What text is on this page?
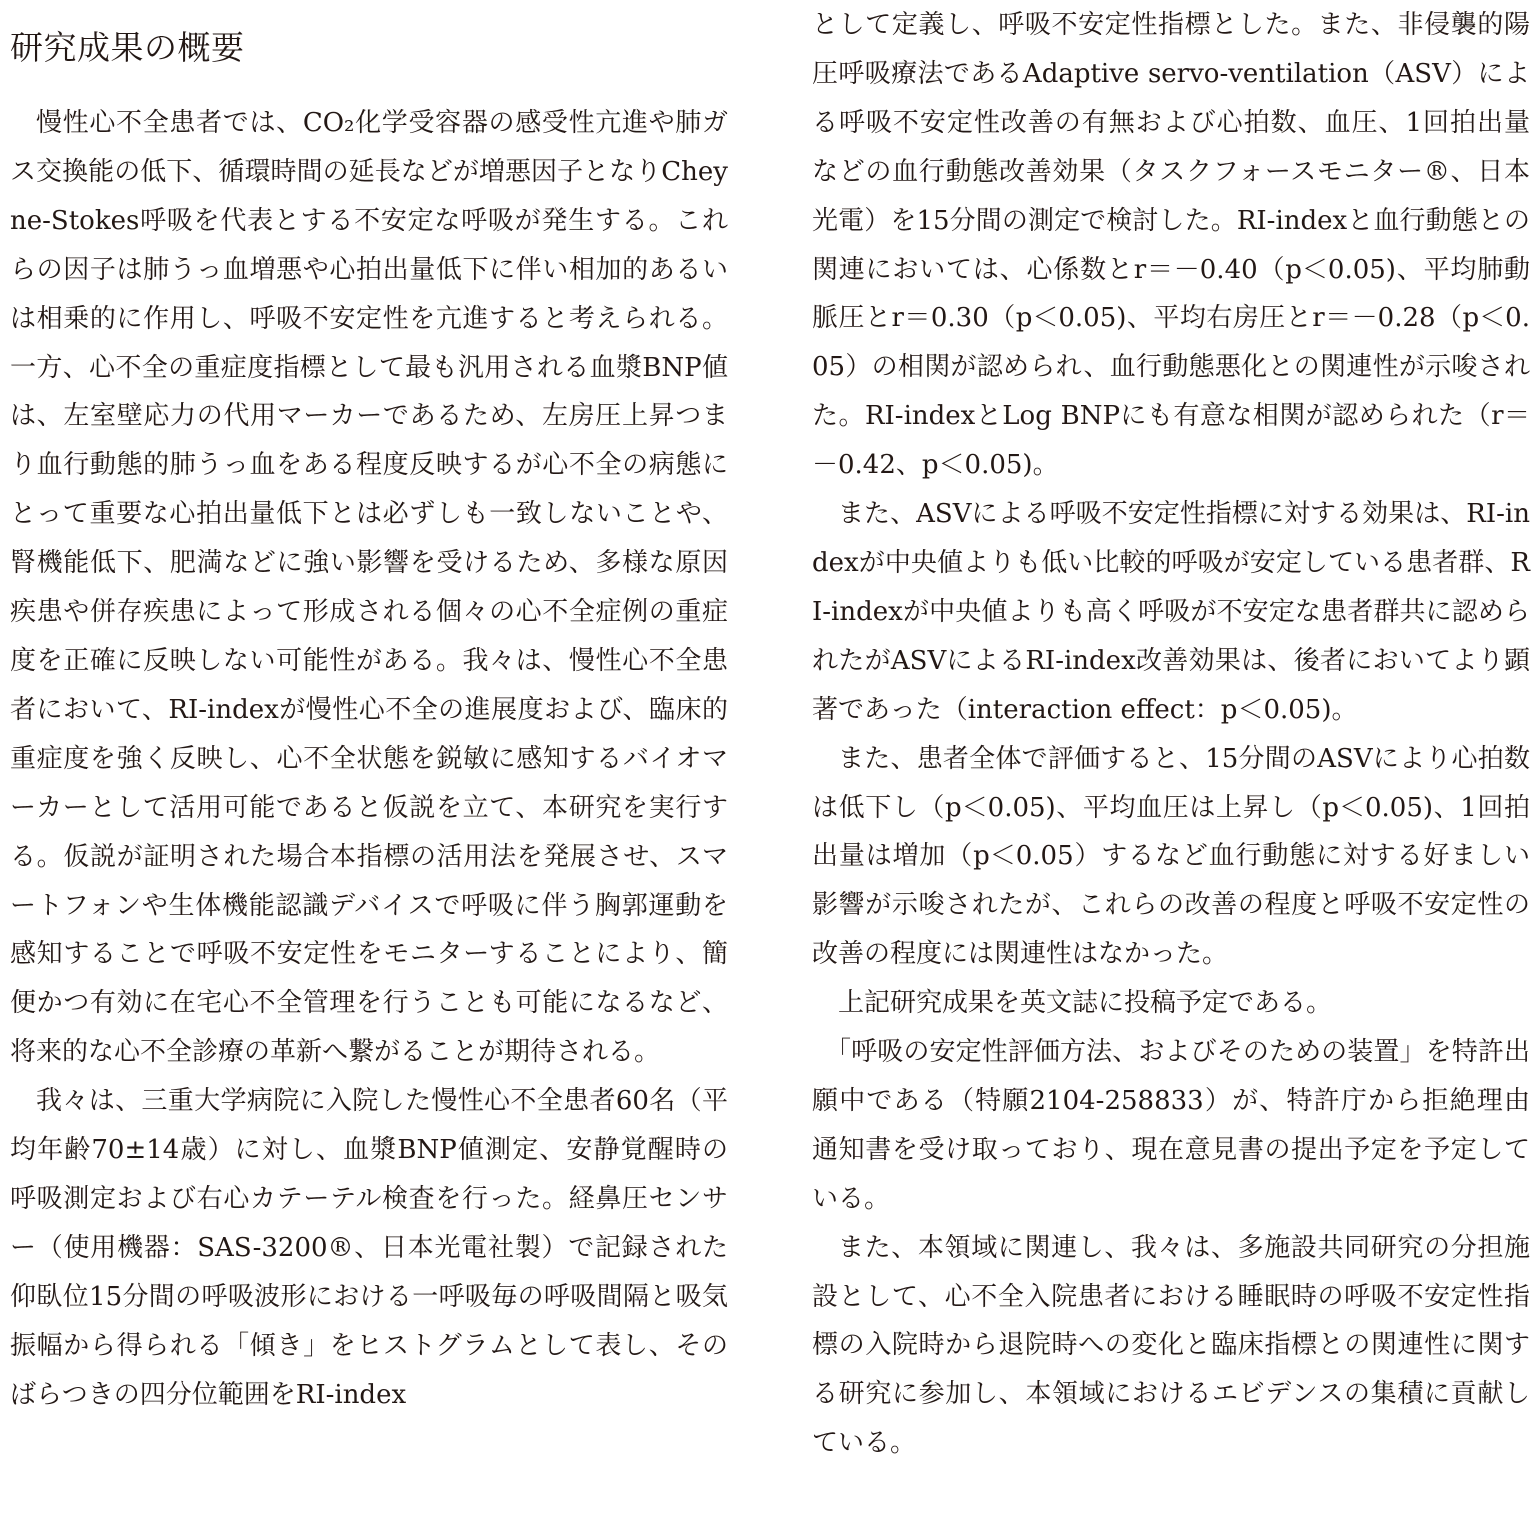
研究成果の概要

慢性心不全患者では、CO₂化学受容器の感受性亢進や肺ガス交換能の低下、循環時間の延長などが増悪因子となりCheyne-Stokes呼吸を代表とする不安定な呼吸が発生する。これらの因子は肺うっ血増悪や心拍出量低下に伴い相加的あるいは相乗的に作用し、呼吸不安定性を亢進すると考えられる。一方、心不全の重症度指標として最も汎用される血漿BNP値は、左室壁応力の代用マーカーであるため、左房圧上昇つまり血行動態的肺うっ血をある程度反映するが心不全の病態にとって重要な心拍出量低下とは必ずしも一致しないことや、腎機能低下、肥満などに強い影響を受けるため、多様な原因疾患や併存疾患によって形成される個々の心不全症例の重症度を正確に反映しない可能性がある。我々は、慢性心不全患者において、RI-indexが慢性心不全の進展度および、臨床的重症度を強く反映し、心不全状態を鋭敏に感知するバイオマーカーとして活用可能であると仮説を立て、本研究を実行する。仮説が証明された場合本指標の活用法を発展させ、スマートフォンや生体機能認識デバイスで呼吸に伴う胸郭運動を感知することで呼吸不安定性をモニターすることにより、簡便かつ有効に在宅心不全管理を行うことも可能になるなど、将来的な心不全診療の革新へ繋がることが期待される。

我々は、三重大学病院に入院した慢性心不全患者60名（平均年齢70±14歳）に対し、血漿BNP値測定、安静覚醒時の呼吸測定および右心カテーテル検査を行った。経鼻圧センサー（使用機器：SAS-3200®、日本光電社製）で記録された仰臥位15分間の呼吸波形における一呼吸毎の呼吸間隔と吸気振幅から得られる「傾き」をヒストグラムとして表し、そのばらつきの四分位範囲をRI-index

として定義し、呼吸不安定性指標とした。また、非侵襲的陽圧呼吸療法であるAdaptive servo-ventilation（ASV）による呼吸不安定性改善の有無および心拍数、血圧、1回拍出量などの血行動態改善効果（タスクフォースモニター®、日本光電）を15分間の測定で検討した。RI-indexと血行動態との関連においては、心係数とr＝－0.40（p＜0.05)、平均肺動脈圧とr＝0.30（p＜0.05)、平均右房圧とr＝－0.28（p＜0.05）の相関が認められ、血行動態悪化との関連性が示唆された。RI-indexとLog BNPにも有意な相関が認められた（r＝－0.42、p＜0.05)。

また、ASVによる呼吸不安定性指標に対する効果は、RI-indexが中央値よりも低い比較的呼吸が安定している患者群、RI-indexが中央値よりも高く呼吸が不安定な患者群共に認められたがASVによるRI-index改善効果は、後者においてより顕著であった（interaction effect：p＜0.05)。

また、患者全体で評価すると、15分間のASVにより心拍数は低下し（p＜0.05)、平均血圧は上昇し（p＜0.05)、1回拍出量は増加（p＜0.05）するなど血行動態に対する好ましい影響が示唆されたが、これらの改善の程度と呼吸不安定性の改善の程度には関連性はなかった。

上記研究成果を英文誌に投稿予定である。

「呼吸の安定性評価方法、およびそのための装置」を特許出願中である（特願2104-258833）が、特許庁から拒絶理由通知書を受け取っており、現在意見書の提出予定を予定している。

また、本領域に関連し、我々は、多施設共同研究の分担施設として、心不全入院患者における睡眠時の呼吸不安定性指標の入院時から退院時への変化と臨床指標との関連性に関する研究に参加し、本領域におけるエビデンスの集積に貢献している。
